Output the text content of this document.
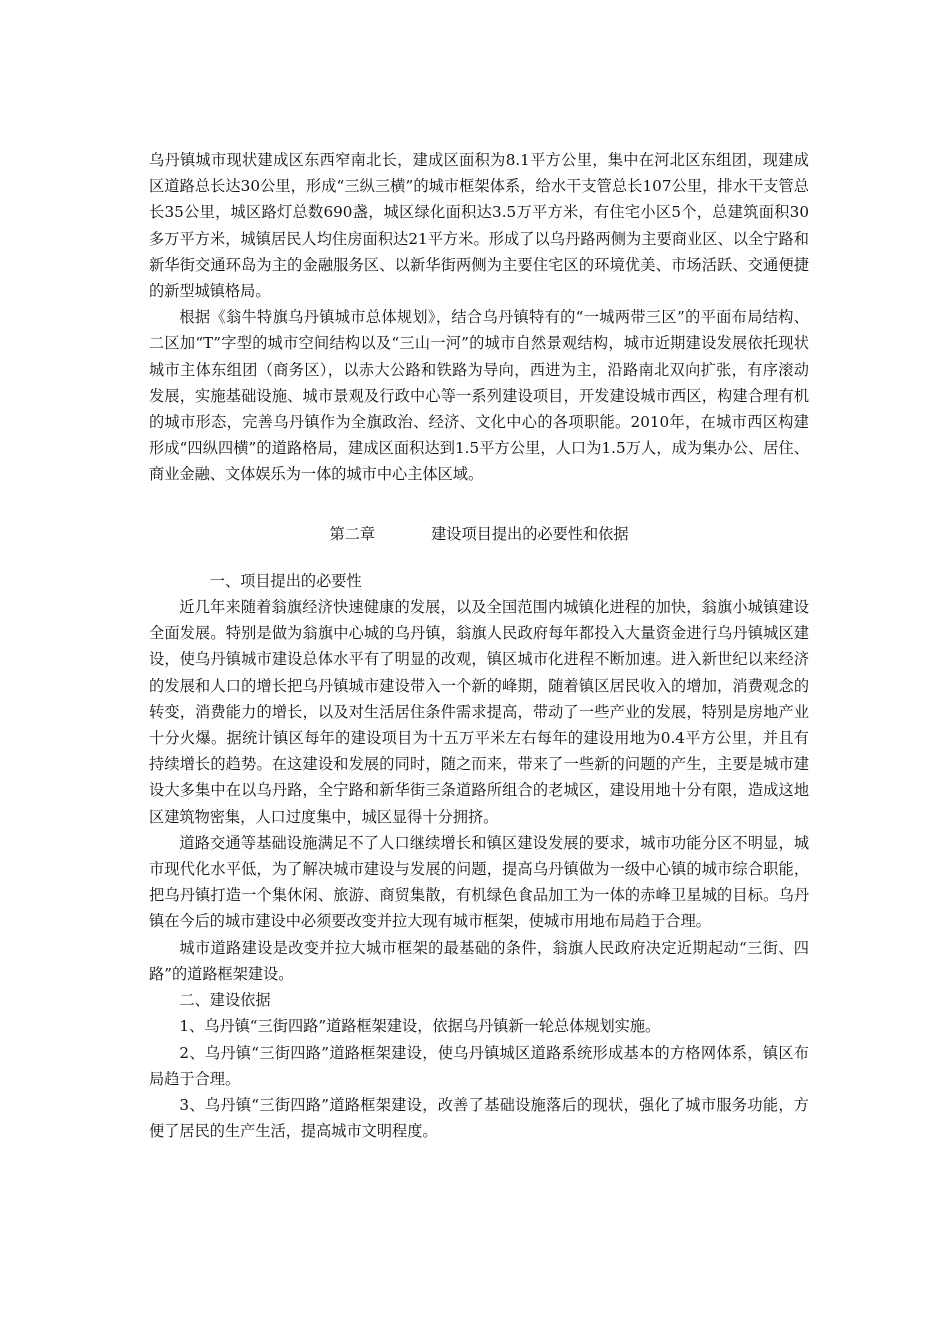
乌丹镇城市现状建成区东西窄南北长，建成区面积为8.1平方公里，集中在河北区东组团，现建成区道路总长达30公里，形成“三纵三横”的城市框架体系，给水干支管总长107公里，排水干支管总长35公里，城区路灯总数690盏，城区绿化面积达3.5万平方米，有住宅小区5个，总建筑面积30多万平方米，城镇居民人均住房面积达21平方米。形成了以乌丹路两侧为主要商业区、以全宁路和新华街交通环岛为主的金融服务区、以新华街两侧为主要住宅区的环境优美、市场活跃、交通便捷的新型城镇格局。

根据《翁牛特旗乌丹镇城市总体规划》，结合乌丹镇特有的“一城两带三区”的平面布局结构、二区加“T”字型的城市空间结构以及“三山一河”的城市自然景观结构，城市近期建设发展依托现状城市主体东组团（商务区），以赤大公路和铁路为导向，西进为主，沿路南北双向扩张，有序滚动发展，实施基础设施、城市景观及行政中心等一系列建设项目，开发建设城市西区，构建合理有机的城市形态，完善乌丹镇作为全旗政治、经济、文化中心的各项职能。2010年，在城市西区构建形成“四纵四横”的道路格局，建成区面积达到1.5平方公里，人口为1.5万人，成为集办公、居住、商业金融、文体娱乐为一体的城市中心主体区域。

第二章	建设项目提出的必要性和依据

一、项目提出的必要性

近几年来随着翁旗经济快速健康的发展，以及全国范围内城镇化进程的加快，翁旗小城镇建设全面发展。特别是做为翁旗中心城的乌丹镇，翁旗人民政府每年都投入大量资金进行乌丹镇城区建设，使乌丹镇城市建设总体水平有了明显的改观，镇区城市化进程不断加速。进入新世纪以来经济的发展和人口的增长把乌丹镇城市建设带入一个新的峰期，随着镇区居民收入的增加，消费观念的转变，消费能力的增长，以及对生活居住条件需求提高，带动了一些产业的发展，特别是房地产业十分火爆。据统计镇区每年的建设项目为十五万平米左右每年的建设用地为0.4平方公里，并且有持续增长的趋势。在这建设和发展的同时，随之而来，带来了一些新的问题的产生，主要是城市建设大多集中在以乌丹路，全宁路和新华街三条道路所组合的老城区，建设用地十分有限，造成这地区建筑物密集，人口过度集中，城区显得十分拥挤。

道路交通等基础设施满足不了人口继续增长和镇区建设发展的要求，城市功能分区不明显，城市现代化水平低，为了解决城市建设与发展的问题，提高乌丹镇做为一级中心镇的城市综合职能，把乌丹镇打造一个集休闲、旅游、商贸集散，有机绿色食品加工为一体的赤峰卫星城的目标。乌丹镇在今后的城市建设中必须要改变并拉大现有城市框架，使城市用地布局趋于合理。

城市道路建设是改变并拉大城市框架的最基础的条件，翁旗人民政府决定近期起动“三街、四路”的道路框架建设。

二、建设依据

1、乌丹镇“三街四路”道路框架建设，依据乌丹镇新一轮总体规划实施。

2、乌丹镇“三街四路”道路框架建设，使乌丹镇城区道路系统形成基本的方格网体系，镇区布局趋于合理。

3、乌丹镇“三街四路”道路框架建设，改善了基础设施落后的现状，强化了城市服务功能，方便了居民的生产生活，提高城市文明程度。
